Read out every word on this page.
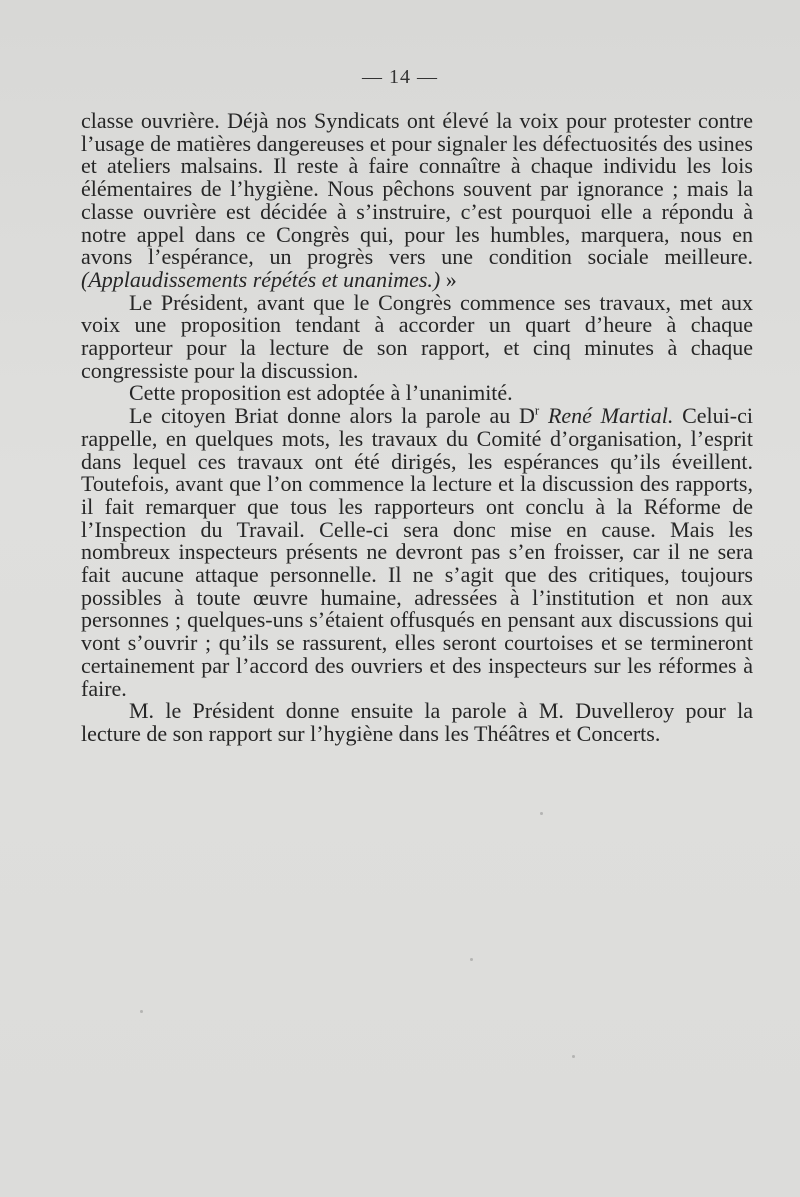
— 14 —

classe ouvrière. Déjà nos Syndicats ont élevé la voix pour protester contre l’usage de matières dangereuses et pour signaler les défectuosités des usines et ateliers malsains. Il reste à faire connaître à chaque individu les lois élémentaires de l’hygiène. Nous pêchons souvent par ignorance ; mais la classe ouvrière est décidée à s’instruire, c’est pourquoi elle a répondu à notre appel dans ce Congrès qui, pour les humbles, marquera, nous en avons l’espérance, un progrès vers une condition sociale meilleure. (Applaudissements répétés et unanimes.) »

Le Président, avant que le Congrès commence ses travaux, met aux voix une proposition tendant à accorder un quart d’heure à chaque rapporteur pour la lecture de son rapport, et cinq minutes à chaque congressiste pour la discussion.

Cette proposition est adoptée à l’unanimité.

Le citoyen Briat donne alors la parole au $D^r$ René Martial. Celui-ci rappelle, en quelques mots, les travaux du Comité d’organisation, l’esprit dans lequel ces travaux ont été dirigés, les espérances qu’ils éveillent. Toutefois, avant que l’on commence la lecture et la discussion des rapports, il fait remarquer que tous les rapporteurs ont conclu à la Réforme de l’Inspection du Travail. Celle-ci sera donc mise en cause. Mais les nombreux inspecteurs présents ne devront pas s’en froisser, car il ne sera fait aucune attaque personnelle. Il ne s’agit que des critiques, toujours possibles à toute œuvre humaine, adressées à l’institution et non aux personnes ; quelques-uns s’étaient offusqués en pensant aux discussions qui vont s’ouvrir ; qu’ils se rassurent, elles seront courtoises et se termineront certainement par l’accord des ouvriers et des inspecteurs sur les réformes à faire.

M. le Président donne ensuite la parole à M. Duvelleroy pour la lecture de son rapport sur l’hygiène dans les Théâtres et Concerts.
